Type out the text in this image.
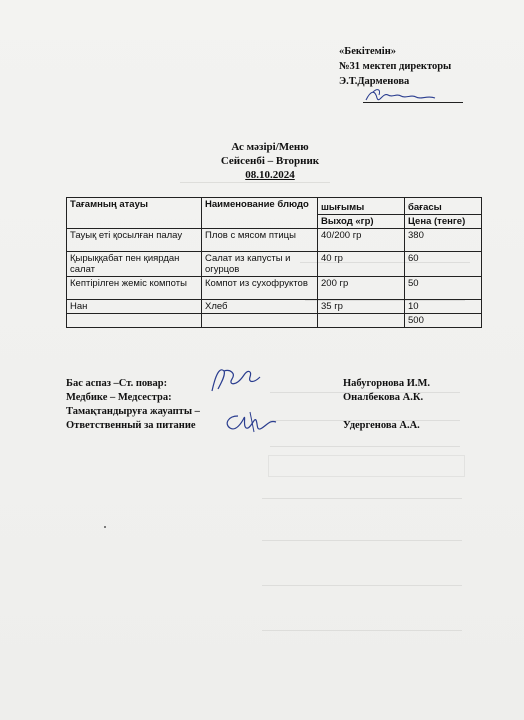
«Бекітемін»
№31 мектеп директоры
Э.Т.Дарменова
Ас мәзірі/Меню
Сейсенбі – Вторник
08.10.2024
Тағамның атауы	Наименование блюдо	шығымы	бағасы
		Выход «гр)	Цена (тенге)
Тауық еті қосылған палау	Плов с мясом птицы	40/200 гр	380
Қырыққабат пен қиярдан салат	Салат из капусты и огурцов	40 гр	60
Кептірілген жеміс компоты	Компот из сухофруктов	200 гр	50
Нан	Хлеб	35 гр	10
			500
Бас аспаз –Ст. повар:	Набугорнова И.М.
Медбике – Медсестра:	Оналбекова А.К.
Тамақтандыруға жауапты –
Ответственный за питание	Удергенова А.А.
